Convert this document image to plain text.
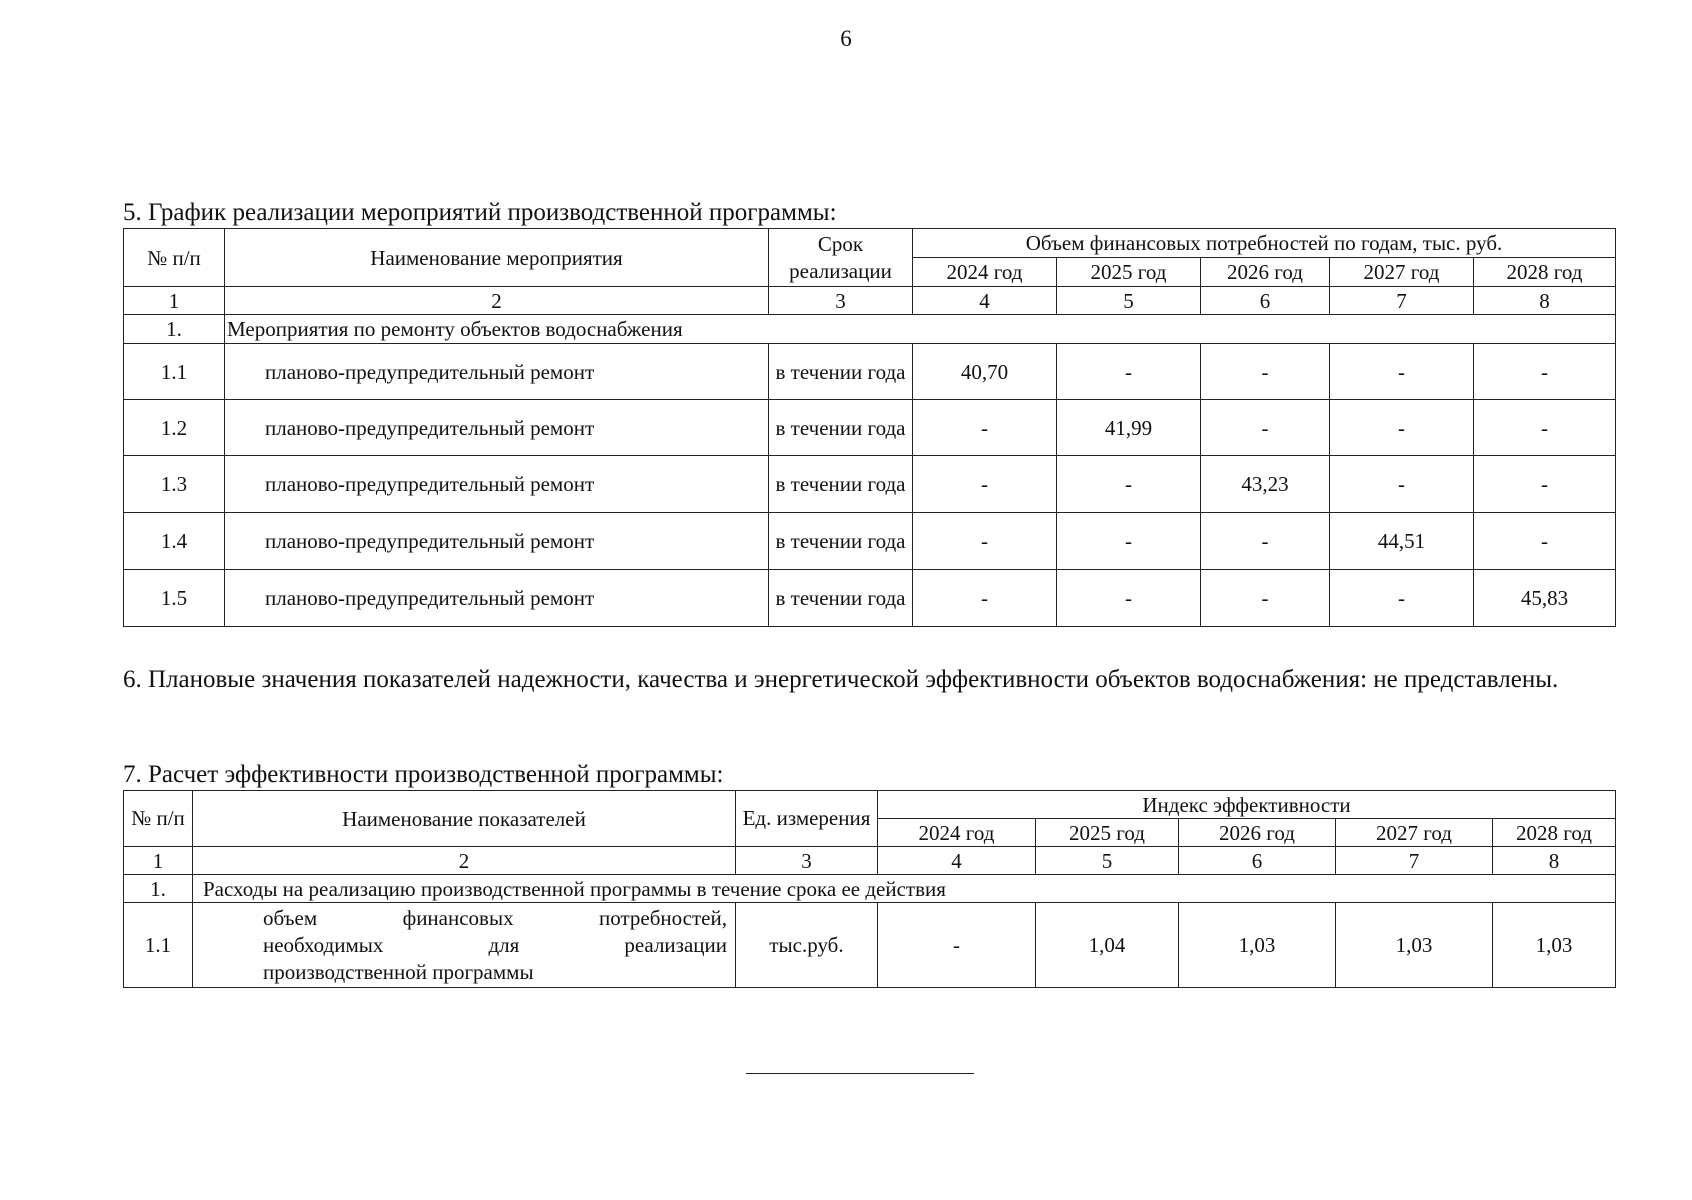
6
5. График реализации мероприятий производственной программы:
№ п/п	Наименование мероприятия	Срок реализации	Объем финансовых потребностей по годам, тыс. руб.				
			2024 год	2025 год	2026 год	2027 год	2028 год
1	2	3	4	5	6	7	8
1.	Мероприятия по ремонту объектов водоснабжения						
1.1	планово-предупредительный ремонт	в течении года	40,70	-	-	-	-
1.2	планово-предупредительный ремонт	в течении года	-	41,99	-	-	-
1.3	планово-предупредительный ремонт	в течении года	-	-	43,23	-	-
1.4	планово-предупредительный ремонт	в течении года	-	-	-	44,51	-
1.5	планово-предупредительный ремонт	в течении года	-	-	-	-	45,83
6. Плановые значения показателей надежности, качества и энергетической эффективности объектов водоснабжения: не представлены.
7. Расчет эффективности производственной программы:
№ п/п	Наименование показателей	Ед. измерения	Индекс эффективности				
			2024 год	2025 год	2026 год	2027 год	2028 год
1	2	3	4	5	6	7	8
1.	Расходы на реализацию производственной программы в течение срока ее действия						
1.1	объем финансовых потребностей,
необходимых для реализации
производственной программы	тыс.руб.	-	1,04	1,03	1,03	1,03
